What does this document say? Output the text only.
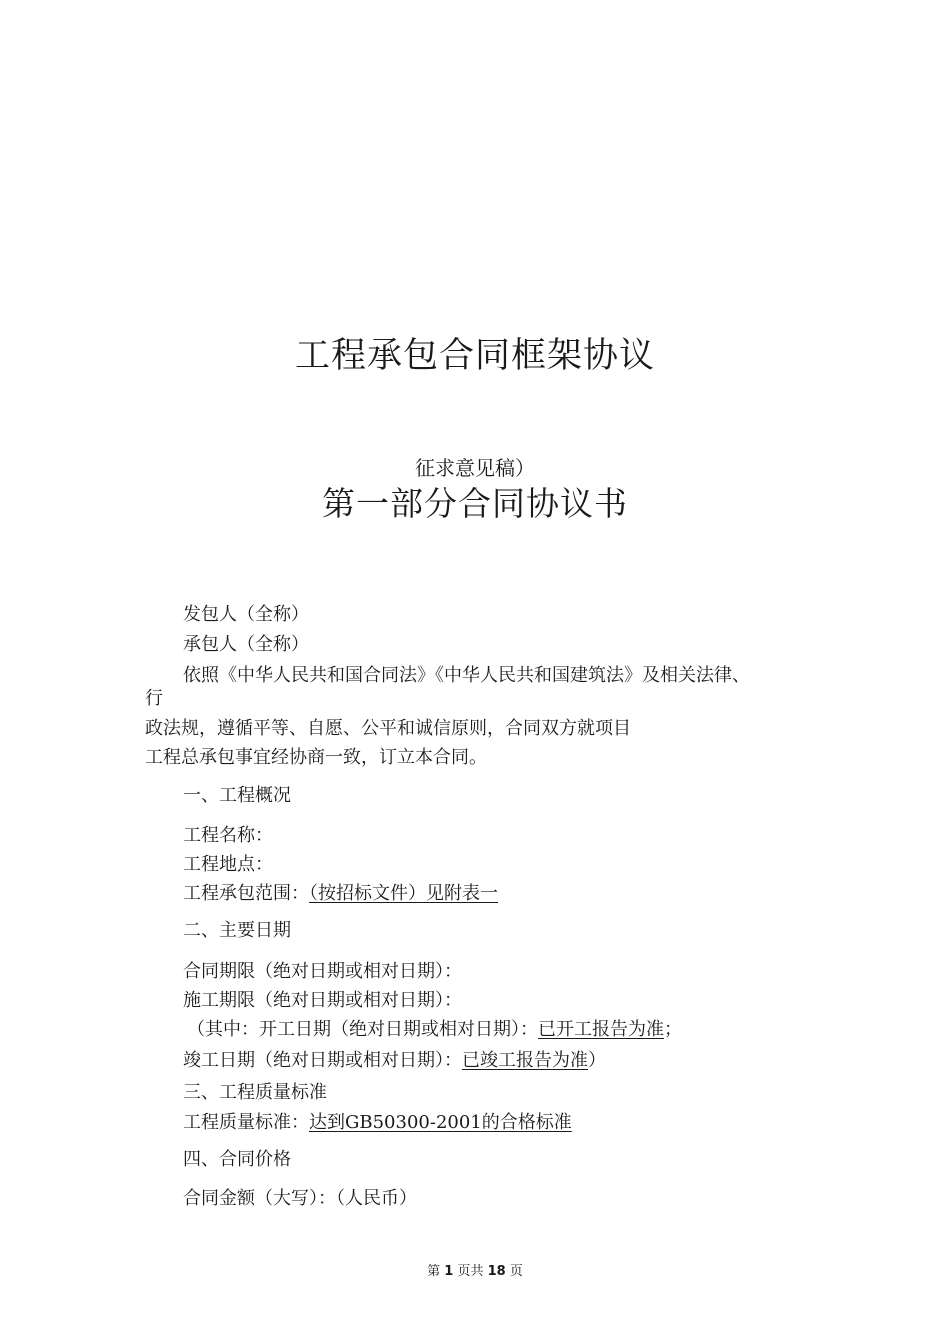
工程承包合同框架协议
征求意见稿）
第一部分合同协议书
发包人（全称）
承包人（全称）
依照《中华人民共和国合同法》《中华人民共和国建筑法》及相关法律、
行
政法规，遵循平等、自愿、公平和诚信原则，合同双方就项目
工程总承包事宜经协商一致，订立本合同。
一、工程概况
工程名称：
工程地点：
工程承包范围：（按招标文件）见附表一
二、主要日期
合同期限（绝对日期或相对日期）：
施工期限（绝对日期或相对日期）：
（其中：开工日期（绝对日期或相对日期）：已开工报告为准；
竣工日期（绝对日期或相对日期）：已竣工报告为准）
三、工程质量标准
工程质量标准：达到GB50300-2001的合格标准
四、合同价格
合同金额（大写）：（人民币）
第 1 页共 18 页
